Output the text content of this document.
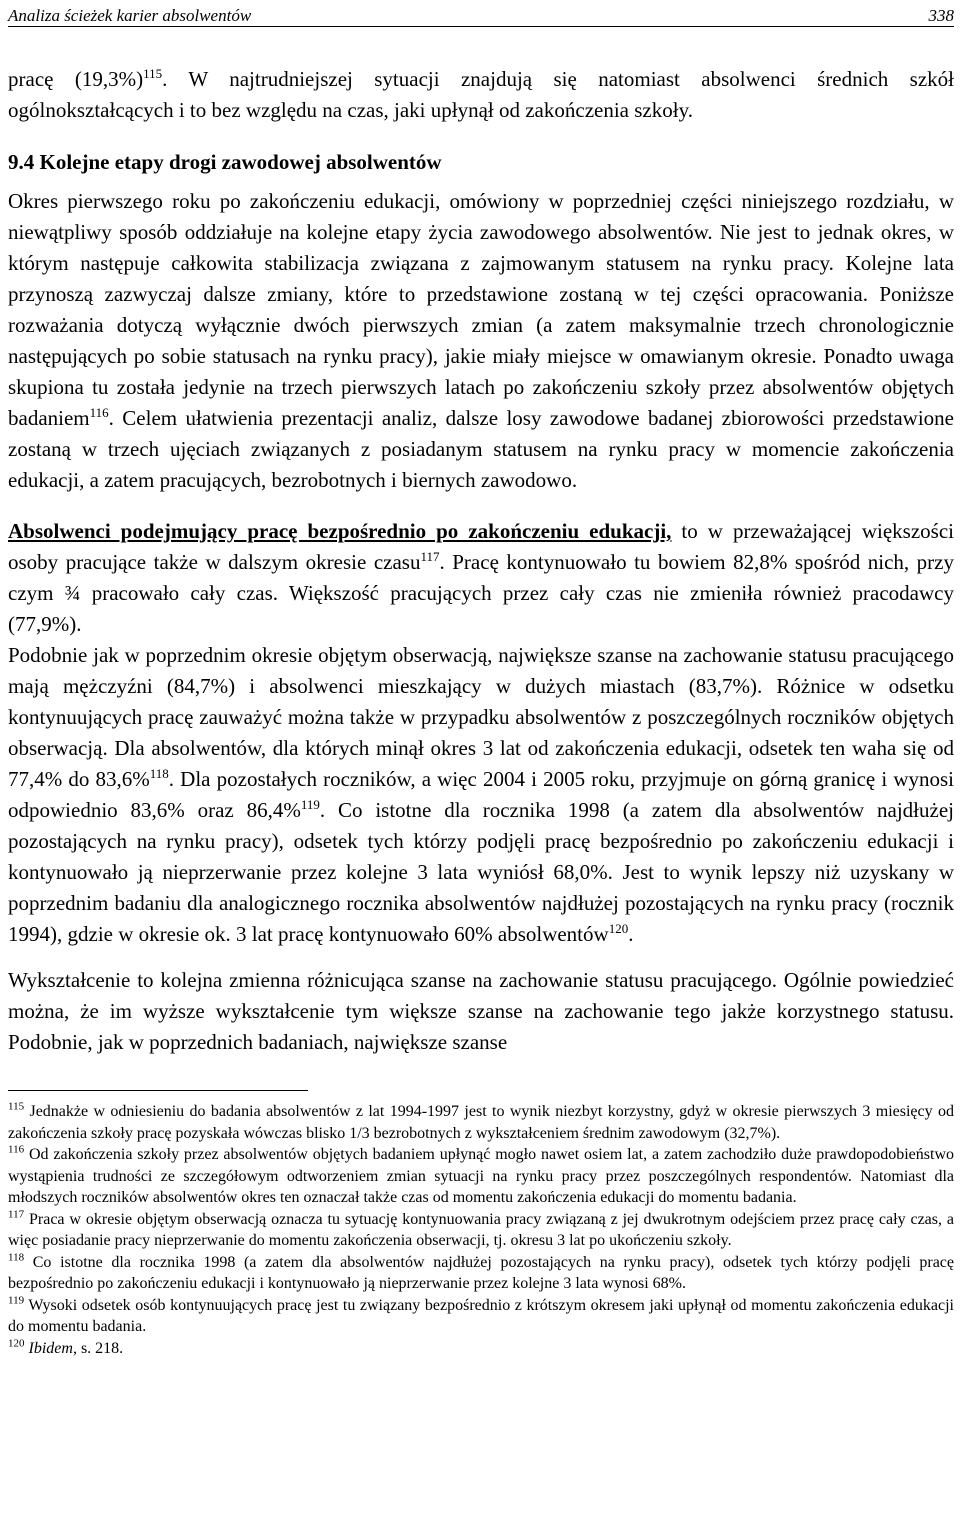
Analiza ścieżek karier absolwentów	338

pracę $(19,3\%)^{115}$. W najtrudniejszej sytuacji znajdują się natomiast absolwenci średnich szkół ogólnokształcących i to bez względu na czas, jaki upłynął od zakończenia szkoły.

9.4 Kolejne etapy drogi zawodowej absolwentów

Okres pierwszego roku po zakończeniu edukacji, omówiony w poprzedniej części niniejszego rozdziału, w niewątpliwy sposób oddziałuje na kolejne etapy życia zawodowego absolwentów. Nie jest to jednak okres, w którym następuje całkowita stabilizacja związana z zajmowanym statusem na rynku pracy. Kolejne lata przynoszą zazwyczaj dalsze zmiany, które to przedstawione zostaną w tej części opracowania. Poniższe rozważania dotyczą wyłącznie dwóch pierwszych zmian (a zatem maksymalnie trzech chronologicznie następujących po sobie statusach na rynku pracy), jakie miały miejsce w omawianym okresie. Ponadto uwaga skupiona tu została jedynie na trzech pierwszych latach po zakończeniu szkoły przez absolwentów objętych badaniem$^{116}$. Celem ułatwienia prezentacji analiz, dalsze losy zawodowe badanej zbiorowości przedstawione zostaną w trzech ujęciach związanych z posiadanym statusem na rynku pracy w momencie zakończenia edukacji, a zatem pracujących, bezrobotnych i biernych zawodowo.

Absolwenci podejmujący pracę bezpośrednio po zakończeniu edukacji, to w przeważającej większości osoby pracujące także w dalszym okresie czasu$^{117}$. Pracę kontynuowało tu bowiem 82,8% spośród nich, przy czym ¾ pracowało cały czas. Większość pracujących przez cały czas nie zmieniła również pracodawcy (77,9%).

Podobnie jak w poprzednim okresie objętym obserwacją, największe szanse na zachowanie statusu pracującego mają mężczyźni (84,7%) i absolwenci mieszkający w dużych miastach (83,7%). Różnice w odsetku kontynuujących pracę zauważyć można także w przypadku absolwentów z poszczególnych roczników objętych obserwacją. Dla absolwentów, dla których minął okres 3 lat od zakończenia edukacji, odsetek ten waha się od 77,4% do 83,6%$^{118}$. Dla pozostałych roczników, a więc 2004 i 2005 roku, przyjmuje on górną granicę i wynosi odpowiednio 83,6% oraz 86,4%$^{119}$. Co istotne dla rocznika 1998 (a zatem dla absolwentów najdłużej pozostających na rynku pracy), odsetek tych którzy podjęli pracę bezpośrednio po zakończeniu edukacji i kontynuowało ją nieprzerwanie przez kolejne 3 lata wyniósł 68,0%. Jest to wynik lepszy niż uzyskany w poprzednim badaniu dla analogicznego rocznika absolwentów najdłużej pozostających na rynku pracy (rocznik 1994), gdzie w okresie ok. 3 lat pracę kontynuowało 60% absolwentów$^{120}$.

Wykształcenie to kolejna zmienna różnicująca szanse na zachowanie statusu pracującego. Ogólnie powiedzieć można, że im wyższe wykształcenie tym większe szanse na zachowanie tego jakże korzystnego statusu. Podobnie, jak w poprzednich badaniach, największe szanse

$^{115}$ Jednakże w odniesieniu do badania absolwentów z lat 1994-1997 jest to wynik niezbyt korzystny, gdyż w okresie pierwszych 3 miesięcy od zakończenia szkoły pracę pozyskała wówczas blisko 1/3 bezrobotnych z wykształceniem średnim zawodowym (32,7%).

$^{116}$ Od zakończenia szkoły przez absolwentów objętych badaniem upłynąć mogło nawet osiem lat, a zatem zachodziło duże prawdopodobieństwo wystąpienia trudności ze szczegółowym odtworzeniem zmian sytuacji na rynku pracy przez poszczególnych respondentów. Natomiast dla młodszych roczników absolwentów okres ten oznaczał także czas od momentu zakończenia edukacji do momentu badania.

$^{117}$ Praca w okresie objętym obserwacją oznacza tu sytuację kontynuowania pracy związaną z jej dwukrotnym odejściem przez pracę cały czas, a więc posiadanie pracy nieprzerwanie do momentu zakończenia obserwacji, tj. okresu 3 lat po ukończeniu szkoły.

$^{118}$ Co istotne dla rocznika 1998 (a zatem dla absolwentów najdłużej pozostających na rynku pracy), odsetek tych którzy podjęli pracę bezpośrednio po zakończeniu edukacji i kontynuowało ją nieprzerwanie przez kolejne 3 lata wynosi 68%.

$^{119}$ Wysoki odsetek osób kontynuujących pracę jest tu związany bezpośrednio z krótszym okresem jaki upłynął od momentu zakończenia edukacji do momentu badania.

$^{120}$ Ibidem, s. 218.
